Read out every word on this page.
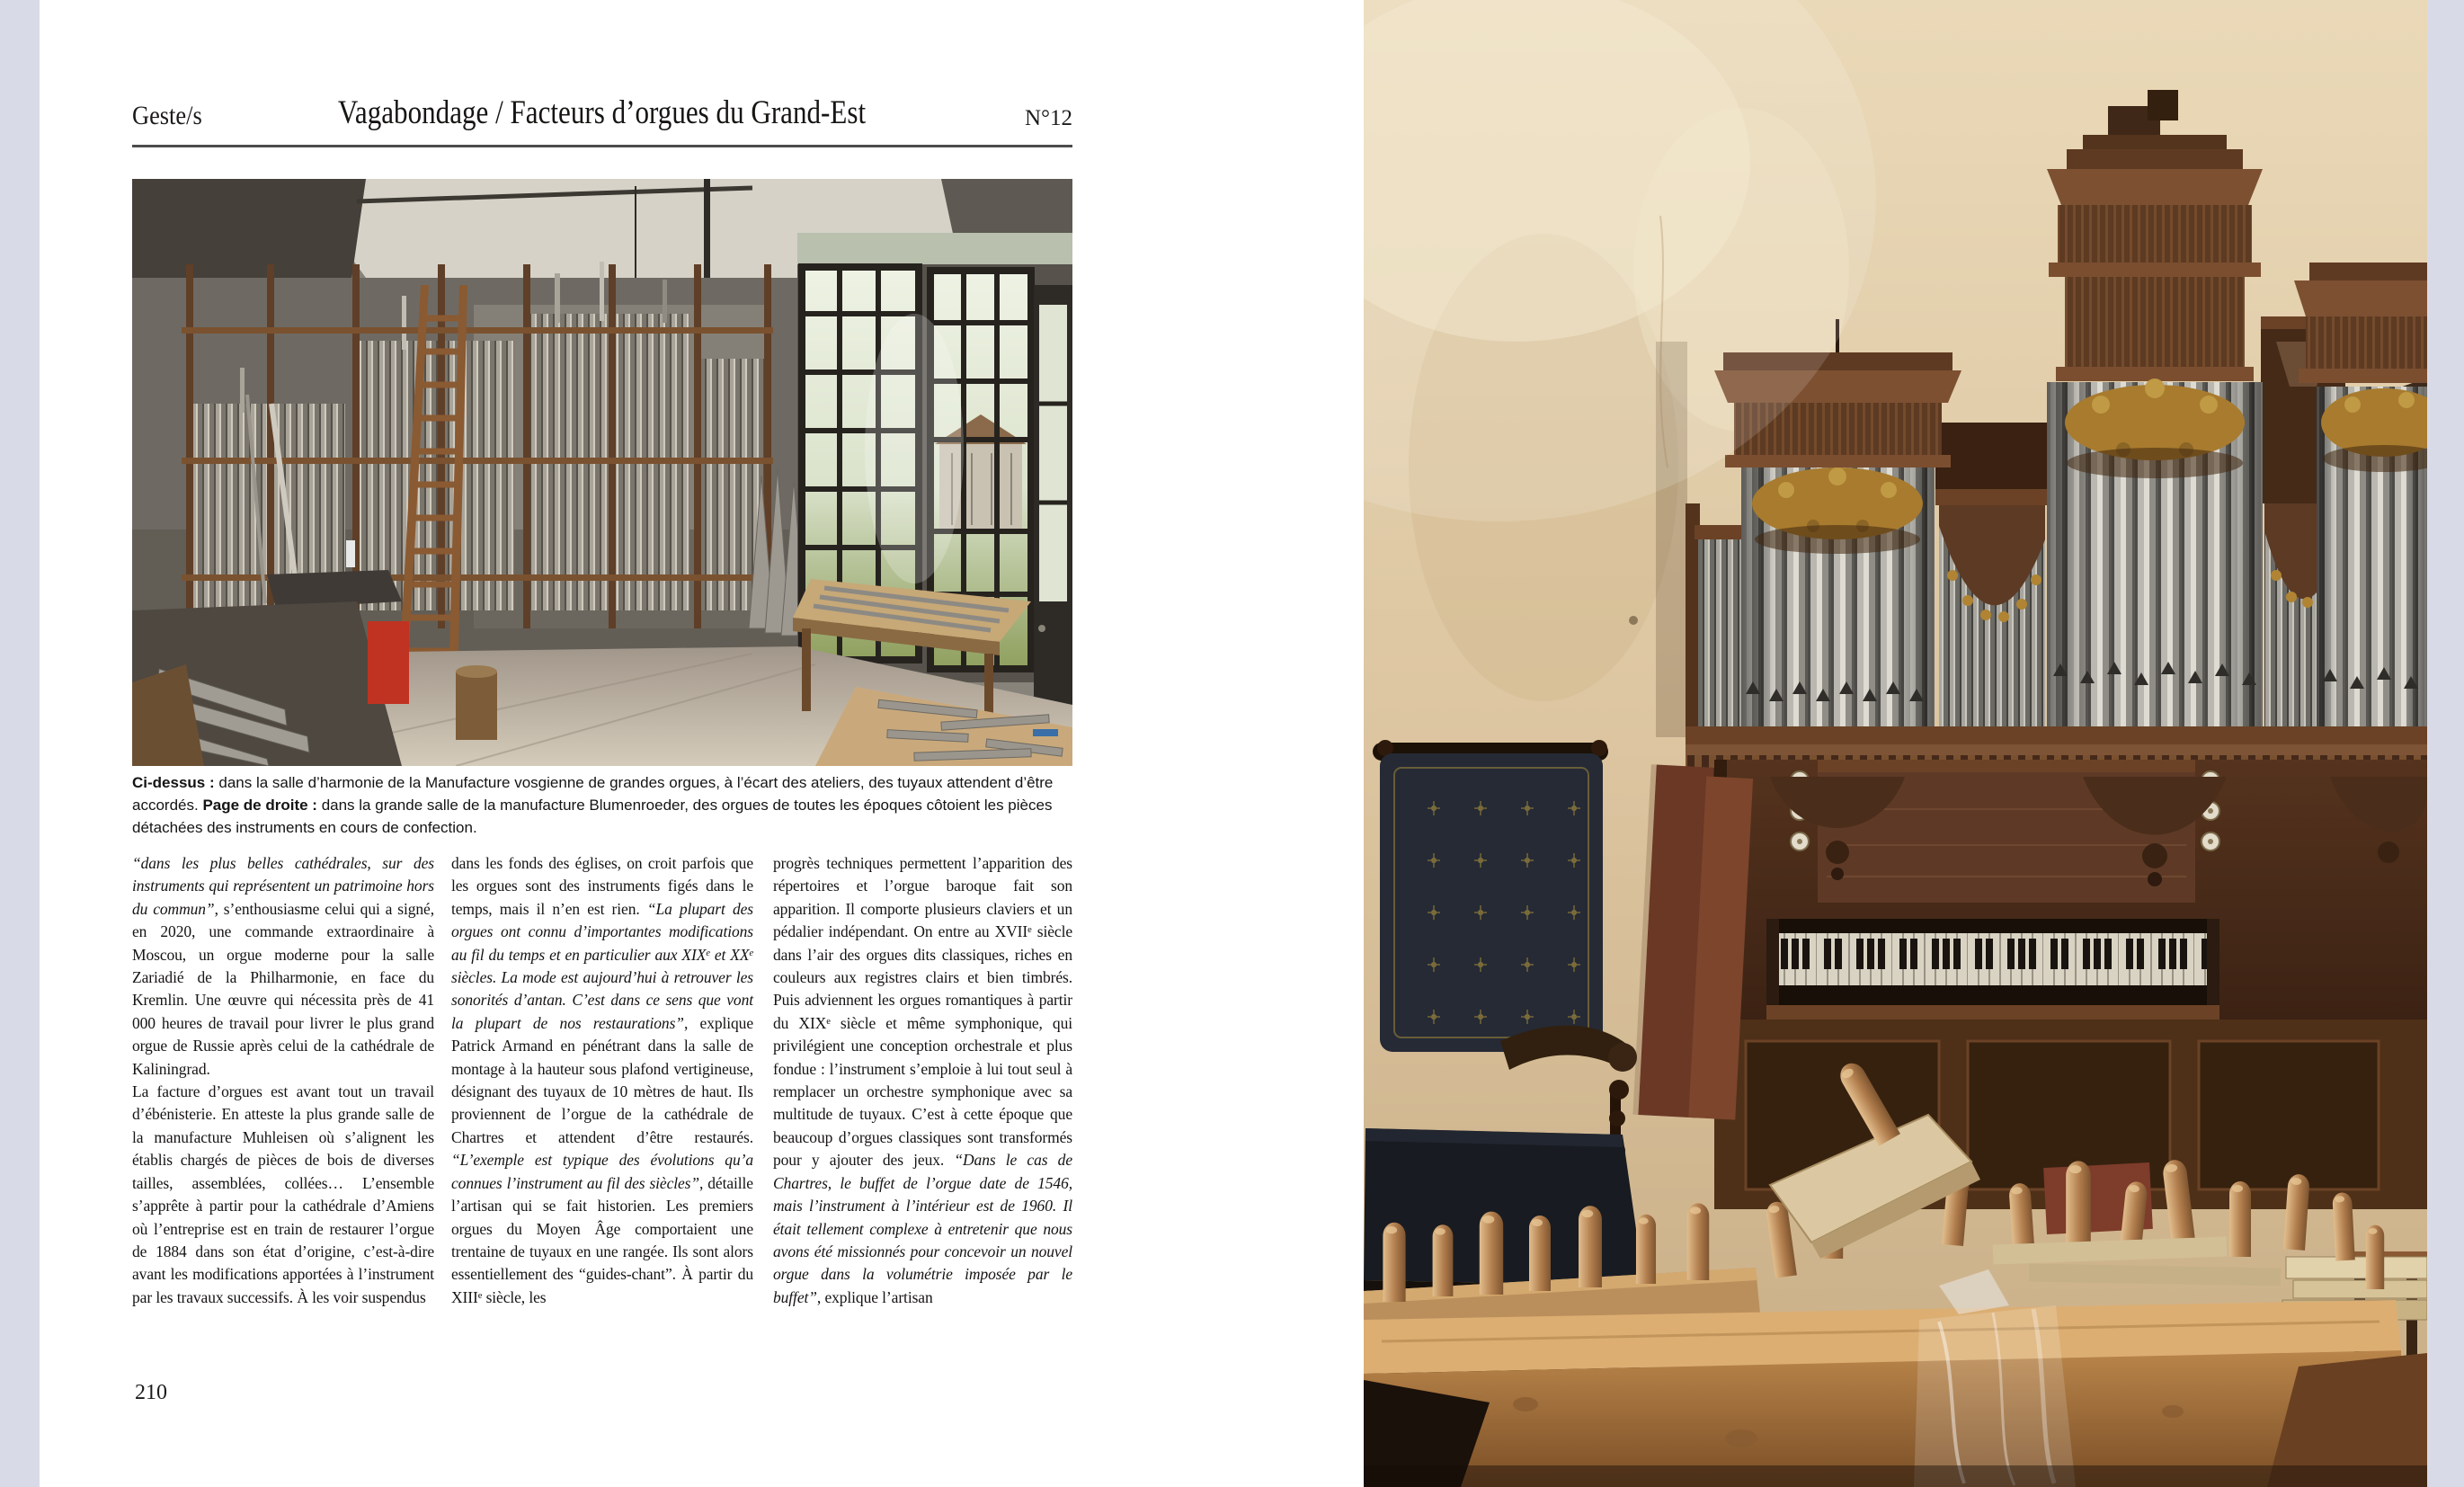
Geste/s	Vagabondage / Facteurs d’orgues du Grand-Est	N°12

Ci-dessus : dans la salle d’harmonie de la Manufacture vosgienne de grandes orgues, à l’écart des ateliers, des tuyaux attendent d’être accordés. Page de droite : dans la grande salle de la manufacture Blumenroeder, des orgues de toutes les époques côtoient les pièces détachées des instruments en cours de confection.

“dans les plus belles cathédrales, sur des instruments qui représentent un patrimoine hors du commun”, s’enthousiasme celui qui a signé, en 2020, une commande extraordinaire à Moscou, un orgue moderne pour la salle Zariadié de la Philharmonie, en face du Kremlin. Une œuvre qui nécessita près de 41 000 heures de travail pour livrer le plus grand orgue de Russie après celui de la cathédrale de Kaliningrad.
La facture d’orgues est avant tout un travail d’ébénisterie. En atteste la plus grande salle de la manufacture Muhleisen où s’alignent les établis chargés de pièces de bois de diverses tailles, assemblées, collées… L’ensemble s’apprête à partir pour la cathédrale d’Amiens où l’entreprise est en train de restaurer l’orgue de 1884 dans son état d’origine, c’est-à-dire avant les modifications apportées à l’instrument par les travaux successifs. À les voir suspendus
dans les fonds des églises, on croit parfois que les orgues sont des instruments figés dans le temps, mais il n’en est rien. “La plupart des orgues ont connu d’importantes modifications au fil du temps et en particulier aux XIXe et XXe siècles. La mode est aujourd’hui à retrouver les sonorités d’antan. C’est dans ce sens que vont la plupart de nos restaurations”, explique Patrick Armand en pénétrant dans la salle de montage à la hauteur sous plafond vertigineuse, désignant des tuyaux de 10 mètres de haut. Ils proviennent de l’orgue de la cathédrale de Chartres et attendent d’être restaurés. “L’exemple est typique des évolutions qu’a connues l’instrument au fil des siècles”, détaille l’artisan qui se fait historien. Les premiers orgues du Moyen Âge comportaient une trentaine de tuyaux en une rangée. Ils sont alors essentiellement des “guides-chant”. À partir du XIIIe siècle, les
progrès techniques permettent l’apparition des répertoires et l’orgue baroque fait son apparition. Il comporte plusieurs claviers et un pédalier indépendant. On entre au XVIIe siècle dans l’air des orgues dits classiques, riches en couleurs aux registres clairs et bien timbrés. Puis adviennent les orgues romantiques à partir du XIXe siècle et même symphonique, qui privilégient une conception orchestrale et plus fondue : l’instrument s’emploie à lui tout seul à remplacer un orchestre symphonique avec sa multitude de tuyaux. C’est à cette époque que beaucoup d’orgues classiques sont transformés pour y ajouter des jeux. “Dans le cas de Chartres, le buffet de l’orgue date de 1546, mais l’instrument à l’intérieur est de 1960. Il était tellement complexe à entretenir que nous avons été missionnés pour concevoir un nouvel orgue dans la volumétrie imposée par le buffet”, explique l’artisan
210
